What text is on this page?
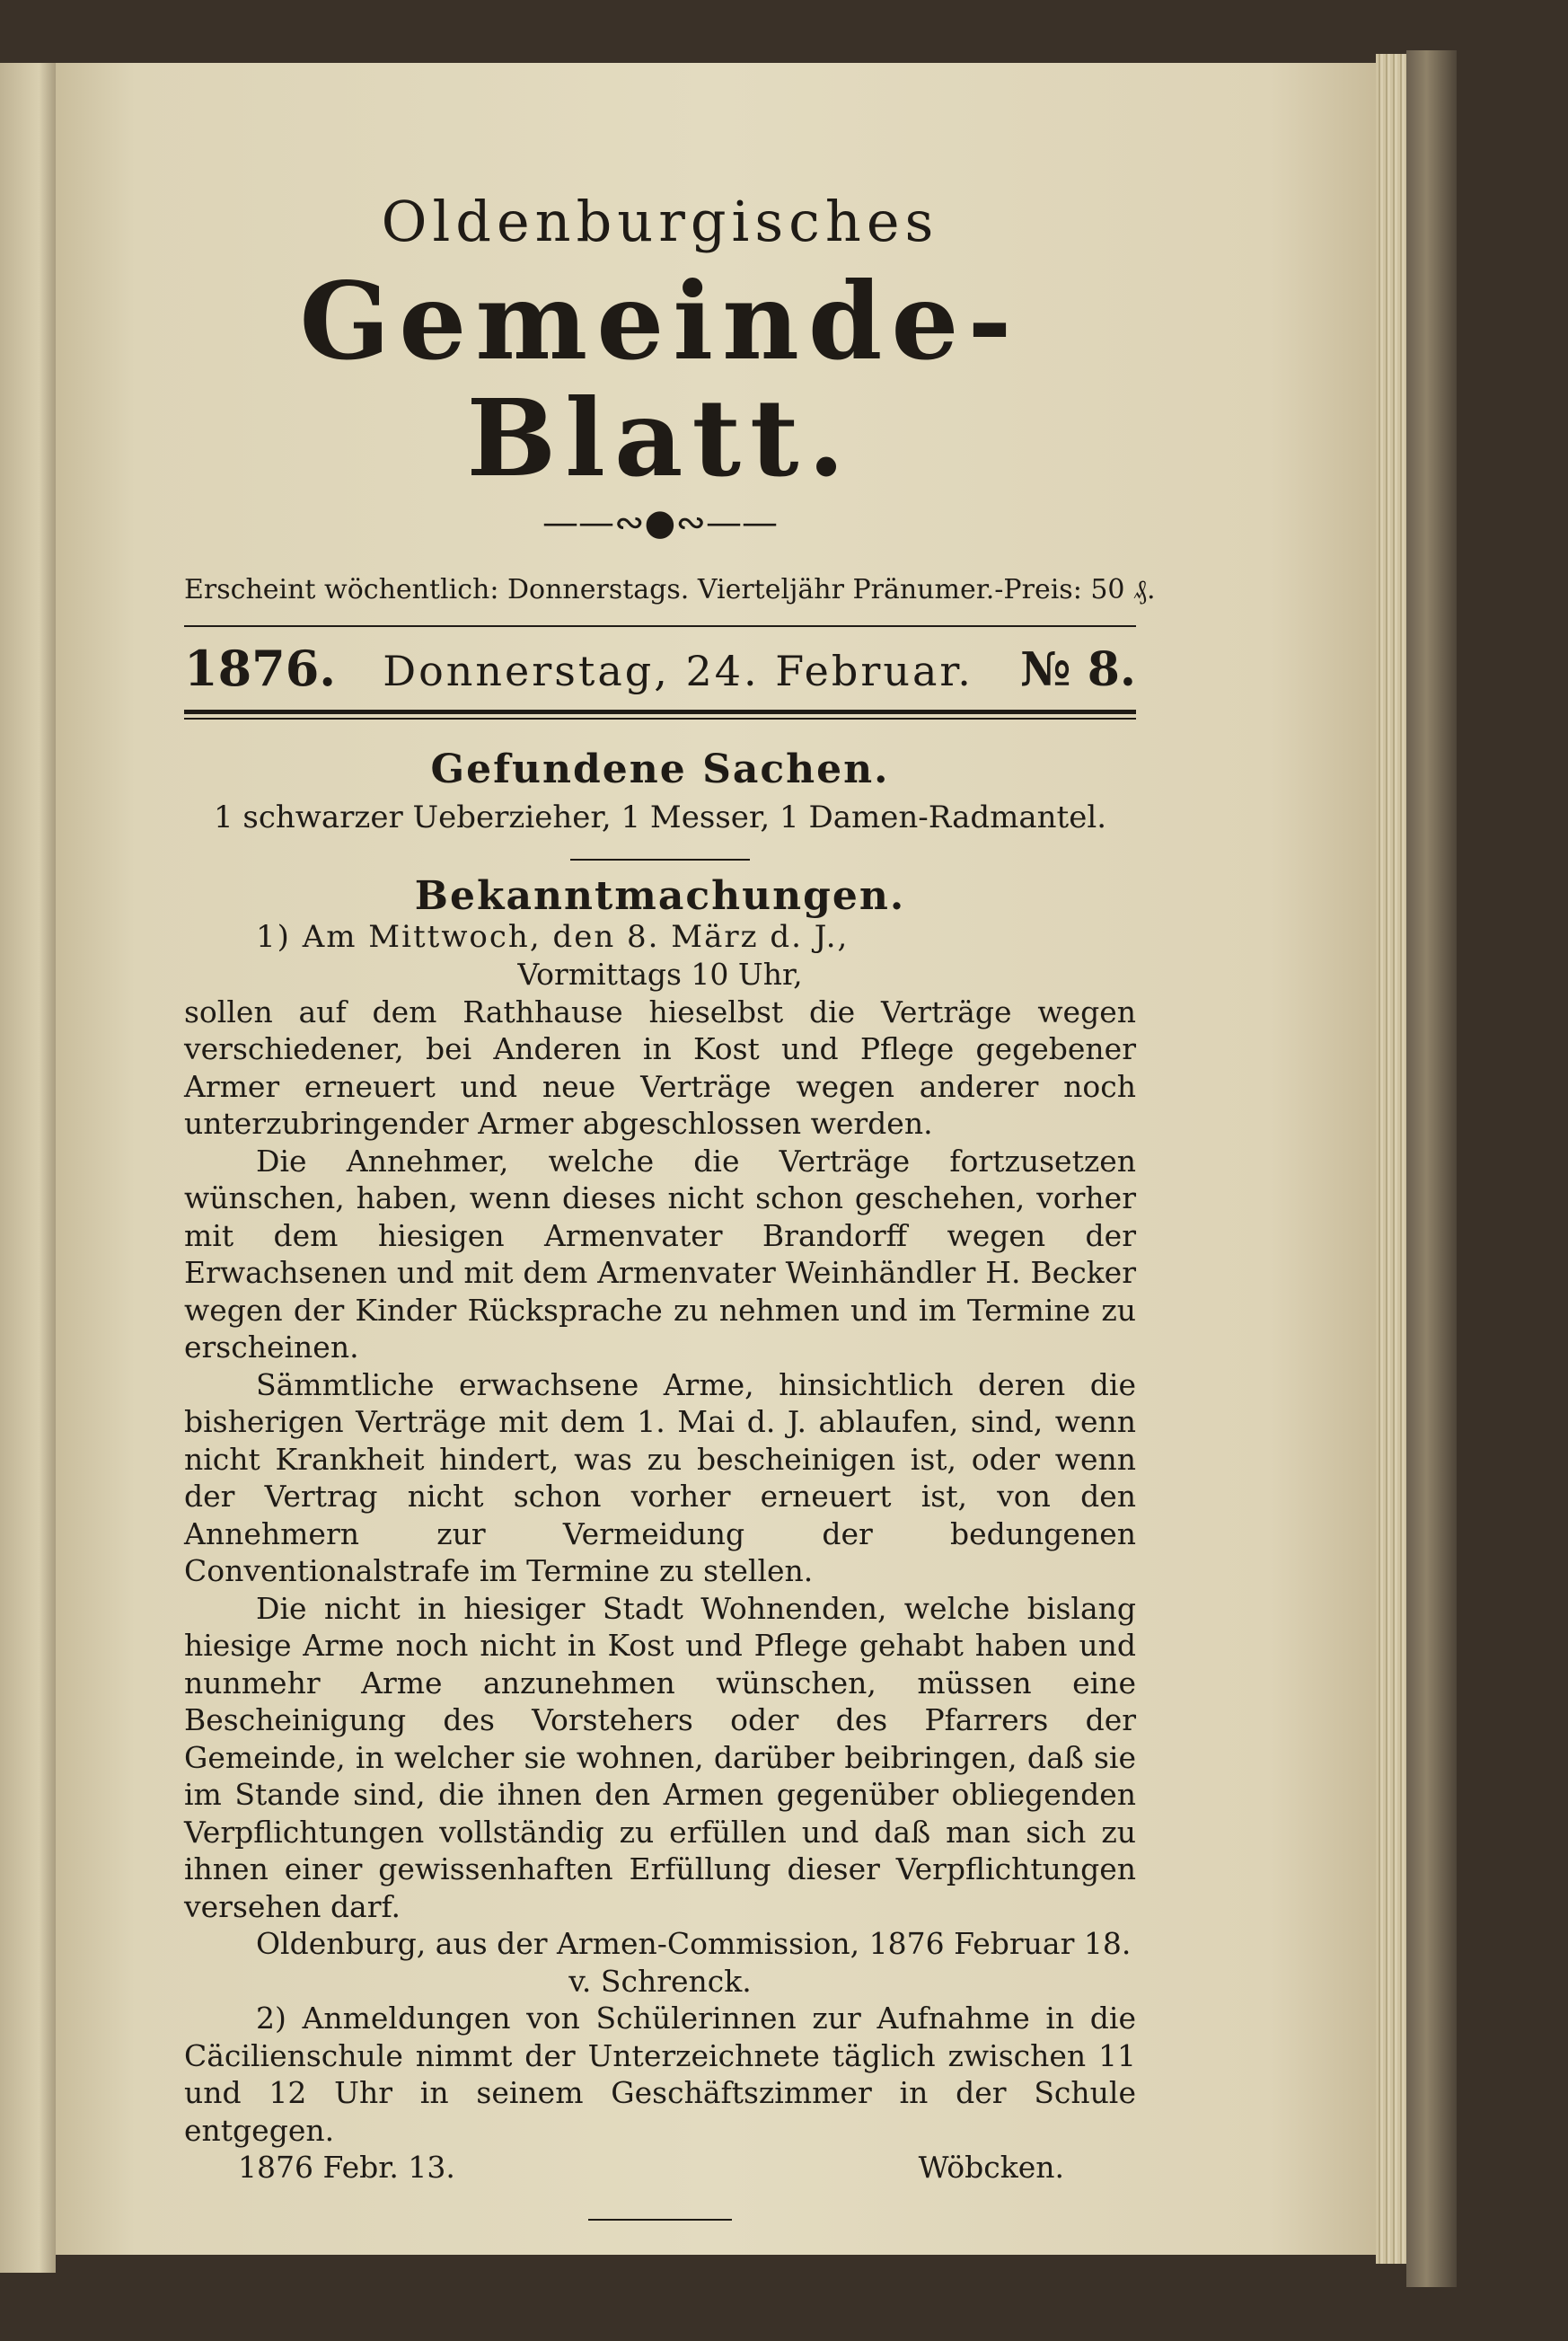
Oldenburgisches
Gemeinde-Blatt.
——∾●∾——
Erscheint wöchentlich: Donnerstags. Vierteljähr Pränumer.-Preis: 50 ₰.
1876. Donnerstag, 24. Februar. № 8.
Gefundene Sachen.
1 schwarzer Ueberzieher, 1 Messer, 1 Damen-Radmantel.
Bekanntmachungen.
1) Am Mittwoch, den 8. März d. J.,
Vormittags 10 Uhr,

sollen auf dem Rathhause hieselbst die Verträge wegen verschiedener, bei Anderen in Kost und Pflege gegebener Armer erneuert und neue Verträge wegen anderer noch unterzubringender Armer abgeschlossen werden.

Die Annehmer, welche die Verträge fortzusetzen wünschen, haben, wenn dieses nicht schon geschehen, vorher mit dem hiesigen Armenvater Brandorff wegen der Erwachsenen und mit dem Armenvater Weinhändler H. Becker wegen der Kinder Rücksprache zu nehmen und im Termine zu erscheinen.

Sämmtliche erwachsene Arme, hinsichtlich deren die bisherigen Verträge mit dem 1. Mai d. J. ablaufen, sind, wenn nicht Krankheit hindert, was zu bescheinigen ist, oder wenn der Vertrag nicht schon vorher erneuert ist, von den Annehmern zur Vermeidung der bedungenen Conventionalstrafe im Termine zu stellen.

Die nicht in hiesiger Stadt Wohnenden, welche bislang hiesige Arme noch nicht in Kost und Pflege gehabt haben und nunmehr Arme anzunehmen wünschen, müssen eine Bescheinigung des Vorstehers oder des Pfarrers der Gemeinde, in welcher sie wohnen, darüber beibringen, daß sie im Stande sind, die ihnen den Armen gegenüber obliegenden Verpflichtungen vollständig zu erfüllen und daß man sich zu ihnen einer gewissenhaften Erfüllung dieser Verpflichtungen versehen darf.

Oldenburg, aus der Armen-Commission, 1876 Februar 18.

v. Schrenck.

2) Anmeldungen von Schülerinnen zur Aufnahme in die Cäcilienschule nimmt der Unterzeichnete täglich zwischen 11 und 12 Uhr in seinem Geschäftszimmer in der Schule entgegen.

1876 Febr. 13.	Wöbcken.
